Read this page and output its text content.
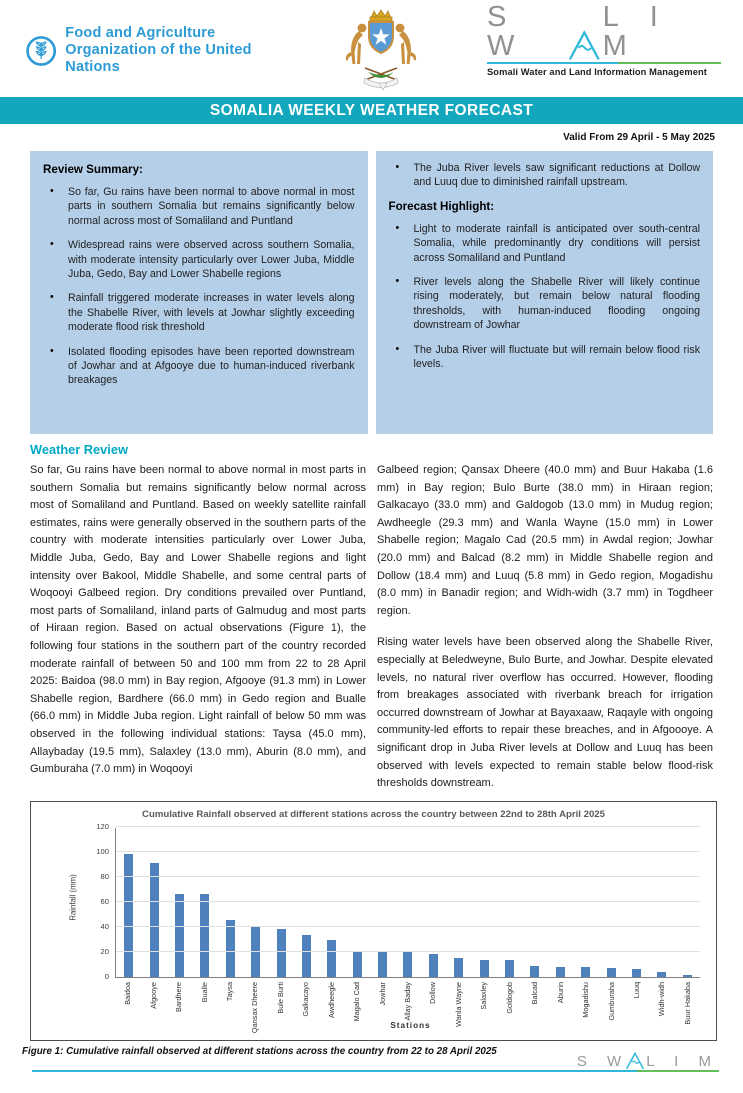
Food and Agriculture Organization of the United Nations
S W
L I M
Somali Water and Land Information Management
SOMALIA WEEKLY WEATHER FORECAST
Valid From 29 April - 5 May 2025
Review Summary:
•	So far, Gu rains have been normal to above normal in most parts in southern Somalia but remains significantly below normal across most of Somaliland and Puntland
•	Widespread rains were observed across southern Somalia, with moderate intensity particularly over Lower Juba, Middle Juba, Gedo, Bay and Lower Shabelle regions
•	Rainfall triggered moderate increases in water levels along the Shabelle River, with levels at Jowhar slightly exceeding moderate flood risk threshold
•	Isolated flooding episodes have been reported downstream of Jowhar and at Afgooye due to human-induced riverbank breakages
•	The Juba River levels saw significant reductions at Dollow and Luuq due to diminished rainfall upstream.
Forecast Highlight:
•	Light to moderate rainfall is anticipated over south-central Somalia, while predominantly dry conditions will persist across Somaliland and Puntland
•	River levels along the Shabelle River will likely continue rising moderately, but remain below natural flooding thresholds, with human-induced flooding ongoing downstream of Jowhar
•	The Juba River will fluctuate but will remain below flood risk levels.
Weather Review

So far, Gu rains have been normal to above normal in most parts in southern Somalia but remains significantly below normal across most of Somaliland and Puntland. Based on weekly satellite rainfall estimates, rains were generally observed in the southern parts of the country with moderate intensities particularly over Lower Juba, Middle Juba, Gedo, Bay and Lower Shabelle regions and light intensity over Bakool, Middle Shabelle, and some central parts of Woqooyi Galbeed region. Dry conditions prevailed over Puntland, most parts of Somaliland, inland parts of Galmudug and most parts of Hiraan region. Based on actual observations (Figure 1), the following four stations in the southern part of the country recorded moderate rainfall of between 50 and 100 mm from 22 to 28 April 2025: Baidoa (98.0 mm) in Bay region, Afgooye (91.3 mm) in Lower Shabelle region, Bardhere (66.0 mm) in Gedo region and Bualle (66.0 mm) in Middle Juba region. Light rainfall of below 50 mm was observed in the following individual stations: Taysa (45.0 mm), Allaybaday (19.5 mm), Salaxley (13.0 mm), Aburin (8.0 mm), and Gumburaha (7.0 mm) in Woqooyi

Galbeed region; Qansax Dheere (40.0 mm) and Buur Hakaba (1.6 mm) in Bay region; Bulo Burte (38.0 mm) in Hiraan region; Galkacayo (33.0 mm) and Galdogob (13.0 mm) in Mudug region; Awdheegle (29.3 mm) and Wanla Wayne (15.0 mm) in Lower Shabelle region; Magalo Cad (20.5 mm) in Awdal region; Jowhar (20.0 mm) and Balcad (8.2 mm) in Middle Shabelle region and Dollow (18.4 mm) and Luuq (5.8 mm) in Gedo region, Mogadishu (8.0 mm) in Banadir region; and Widh-widh (3.7 mm) in Togdheer region.

Rising water levels have been observed along the Shabelle River, especially at Beledweyne, Bulo Burte, and Jowhar. Despite elevated levels, no natural river overflow has occurred. However, flooding from breakages associated with riverbank breach for irrigation occurred downstream of Jowhar at Bayaxaaw, Raqayle with ongoing community-led efforts to repair these breaches, and in Afgoooye. A significant drop in Juba River levels at Dollow and Luuq has been observed with levels expected to remain stable below flood-risk thresholds downstream.

Cumulative Rainfall observed at different stations across the country between 22nd to 28th April 2025
Rainfall (mm)
0
20
40
60
80
100
120
Baidoa Afgooye Bardhere Bualle Taysa Qansax Dheere Bule Burti Galkacayo Awdheegle Magalo Cad Jowhar Allay Baday Dollow Wanla Wayne Salaxley Goldogob Balcad Aburin Mogadishu Gumburaha Luuq Widh-widh Buur Hakaba
Stations
Figure 1: Cumulative rainfall observed at different stations across the country from 22 to 28 April 2025
S W L I M
